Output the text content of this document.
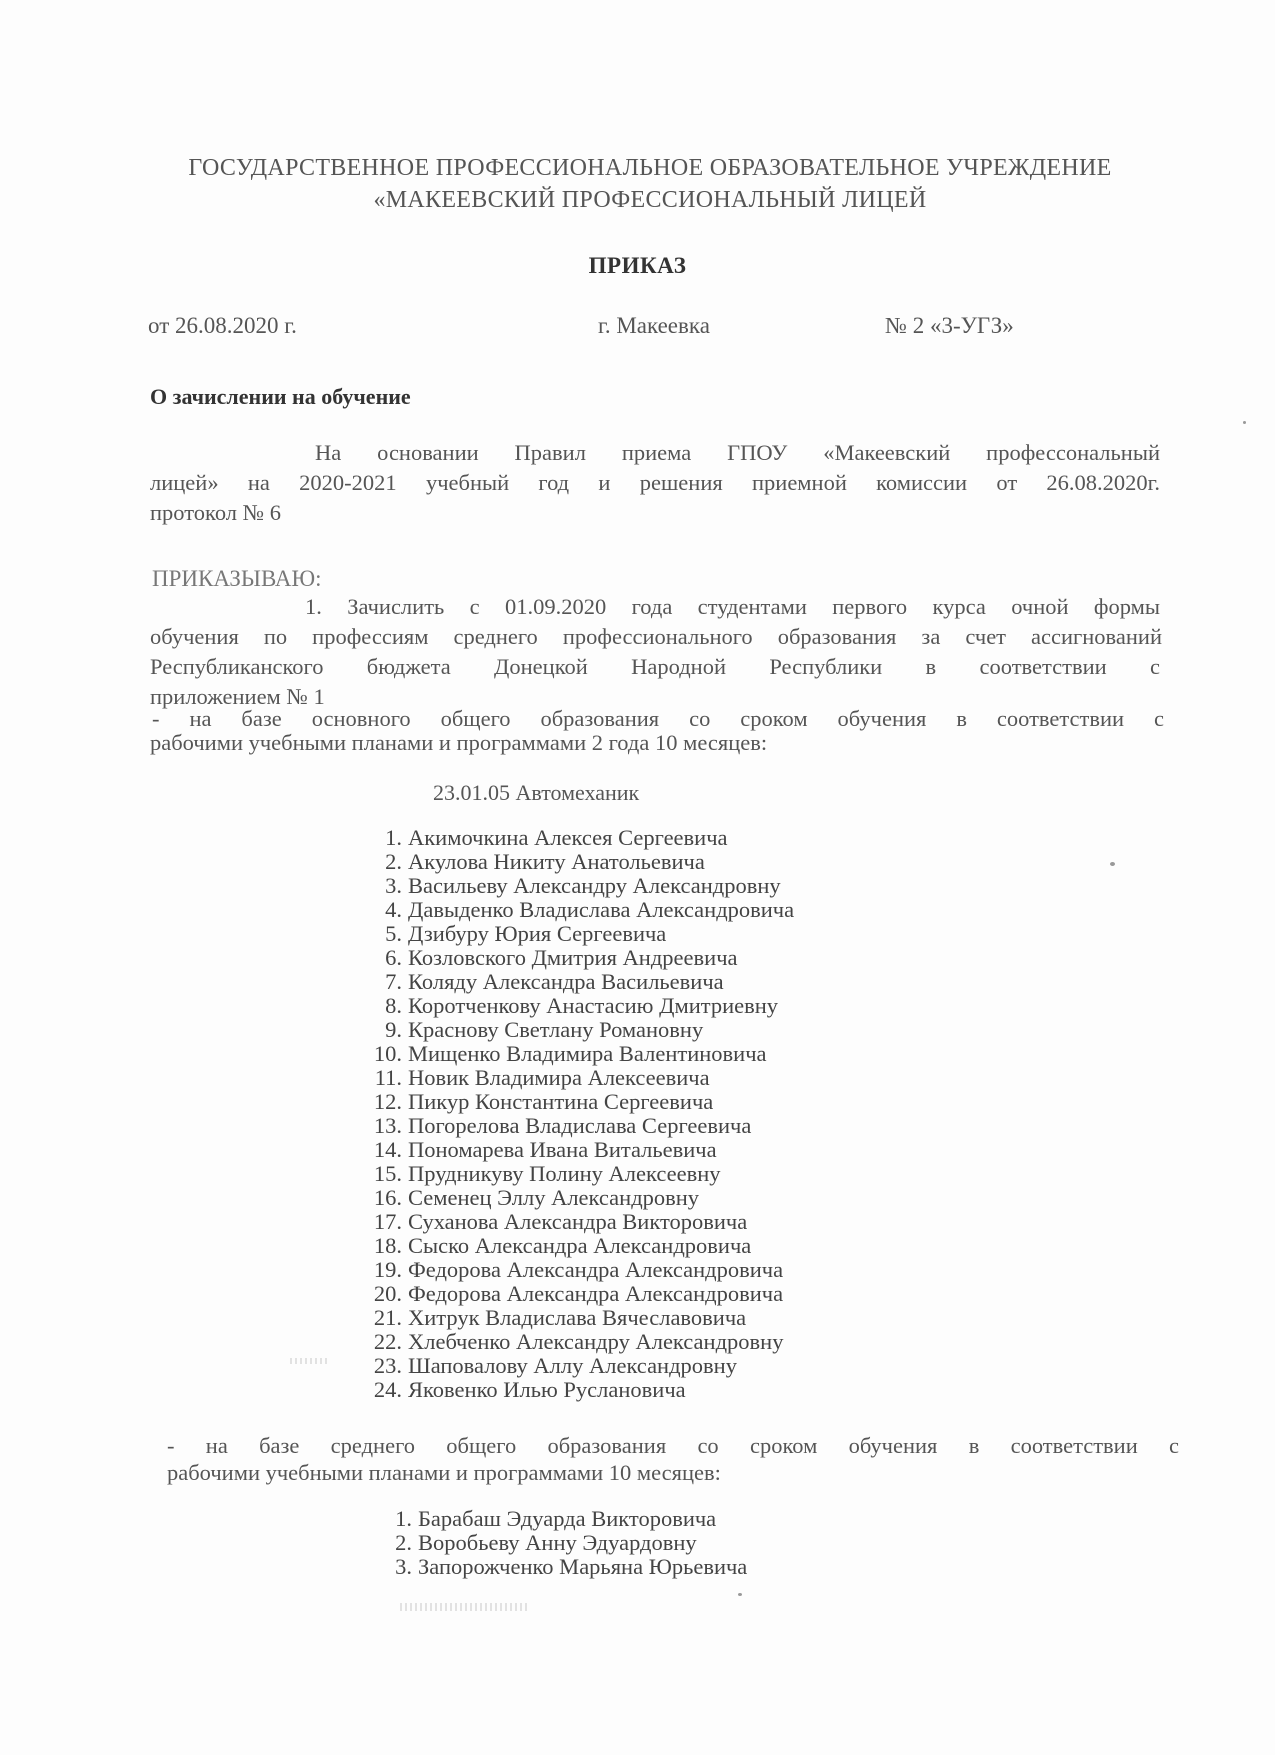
ГОСУДАРСТВЕННОЕ ПРОФЕССИОНАЛЬНОЕ ОБРАЗОВАТЕЛЬНОЕ УЧРЕЖДЕНИЕ
«МАКЕЕВСКИЙ ПРОФЕССИОНАЛЬНЫЙ ЛИЦЕЙ
ПРИКАЗ
от 26.08.2020 г.	г. Макеевка	№ 2 «3-УГЗ»
О зачислении на обучение
На основании Правил приема ГПОУ «Макеевский профессональный
лицей» на 2020-2021 учебный год и решения приемной комиссии от 26.08.2020г.
протокол № 6
ПРИКАЗЫВАЮ:
1. Зачислить с 01.09.2020 года студентами первого курса очной формы
обучения по профессиям среднего профессионального образования за счет ассигнований
Республиканского бюджета Донецкой Народной Республики в соответствии с
приложением № 1
- на базе основного общего образования со сроком обучения в соответствии с
рабочими учебными планами и программами 2 года 10 месяцев:
23.01.05 Автомеханик
1. Акимочкина Алексея Сергеевича
2. Акулова Никиту Анатольевича
3. Васильеву Александру Александровну
4. Давыденко Владислава Александровича
5. Дзибуру Юрия Сергеевича
6. Козловского Дмитрия Андреевича
7. Коляду Александра Васильевича
8. Коротченкову Анастасию Дмитриевну
9. Краснову Светлану Романовну
10. Мищенко Владимира Валентиновича
11. Новик Владимира Алексеевича
12. Пикур Константина Сергеевича
13. Погорелова Владислава Сергеевича
14. Пономарева Ивана Витальевича
15. Прудникуву Полину Алексеевну
16. Семенец Эллу Александровну
17. Суханова Александра Викторовича
18. Сыско Александра Александровича
19. Федорова Александра Александровича
20. Федорова Александра Александровича
21. Хитрук Владислава Вячеславовича
22. Хлебченко Александру Александровну
23. Шаповалову Аллу Александровну
24. Яковенко Илью Руслановича
- на базе среднего общего образования со сроком обучения в соответствии с
рабочими учебными планами и программами 10 месяцев:
1. Барабаш Эдуарда Викторовича
2. Воробьеву Анну Эдуардовну
3. Запорожченко Марьяна Юрьевича
